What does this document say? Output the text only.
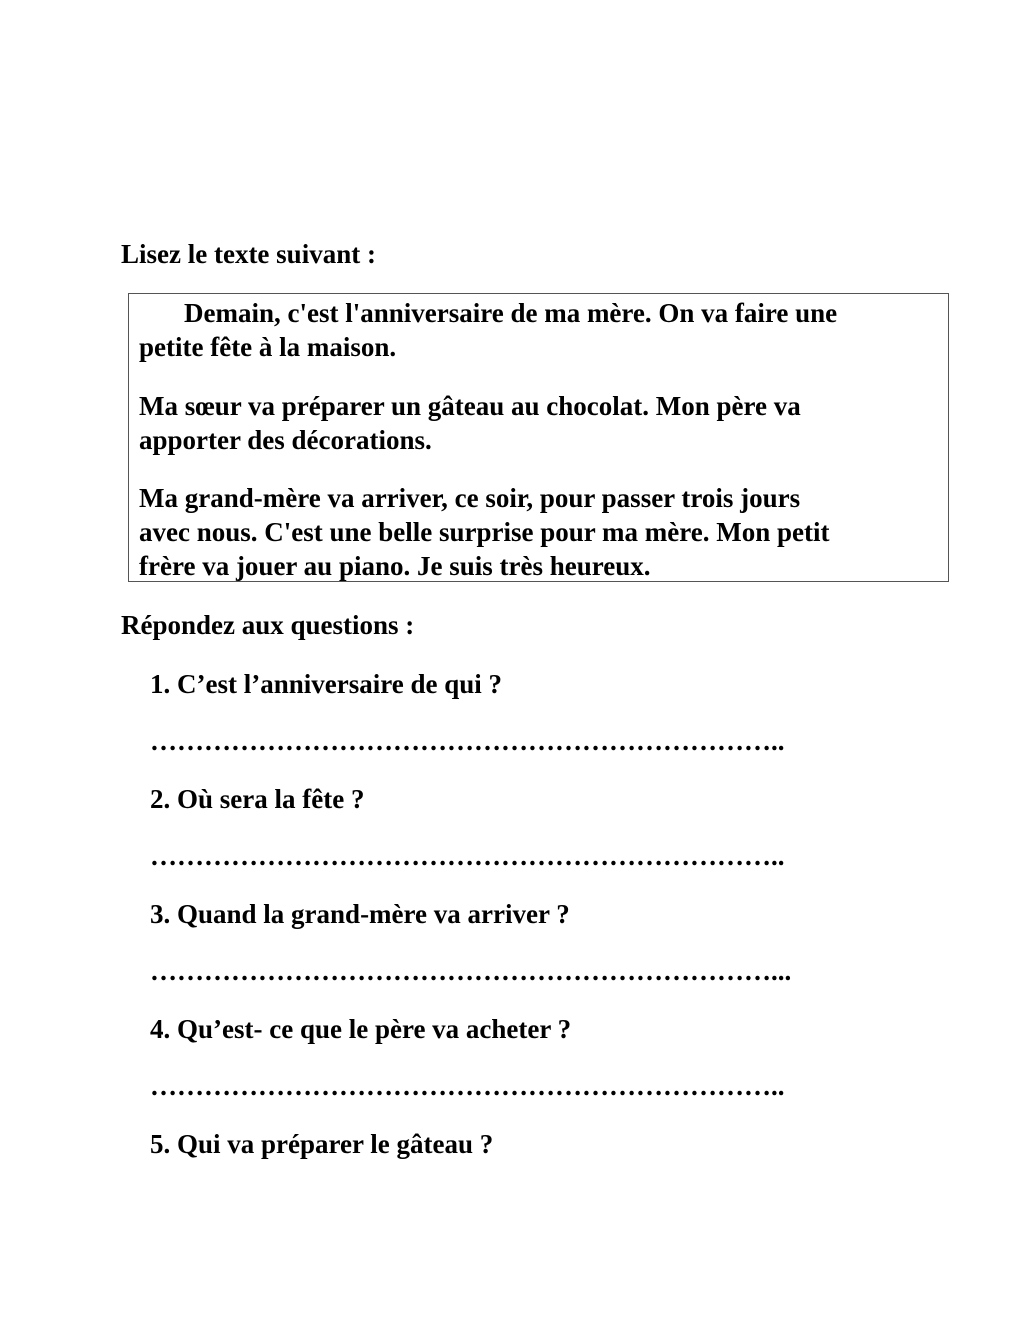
Lisez le texte suivant :

Demain, c'est l'anniversaire de ma mère. On va faire une
petite fête à la maison.

Ma sœur va préparer un gâteau au chocolat. Mon père va
apporter des décorations.

Ma grand-mère va arriver, ce soir, pour passer trois jours
avec nous. C'est une belle surprise pour ma mère. Mon petit
frère va jouer au piano. Je suis très heureux.

Répondez aux questions :

1. C’est l’anniversaire de qui ?

……………………………………………………………..

2. Où sera la fête ?

……………………………………………………………..

3. Quand la grand-mère va arriver ?

……………………………………………………………...

4. Qu’est- ce que le père va acheter ?

……………………………………………………………..

5. Qui va préparer le gâteau ?
